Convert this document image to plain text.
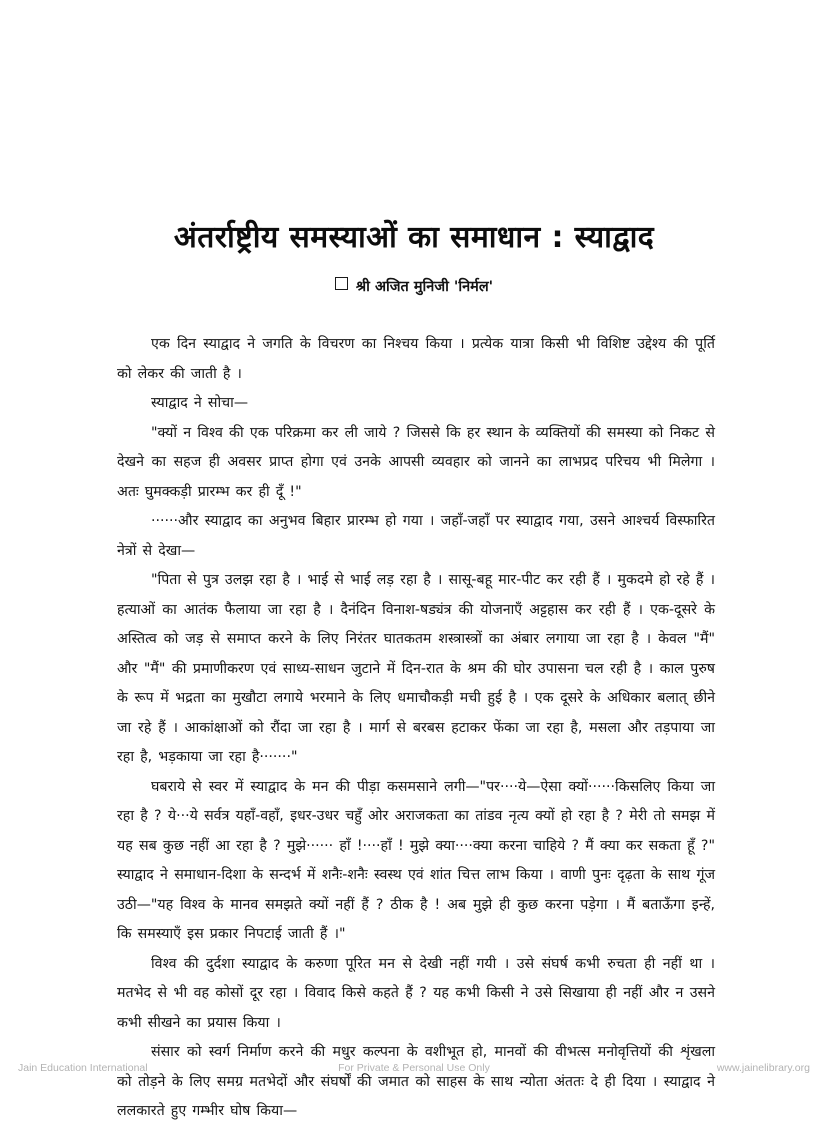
अंतर्राष्ट्रीय समस्याओं का समाधान : स्याद्वाद
श्री अजित मुनिजी 'निर्मल'

एक दिन स्याद्वाद ने जगति के विचरण का निश्चय किया । प्रत्येक यात्रा किसी भी विशिष्ट उद्देश्य की पूर्ति को लेकर की जाती है ।

स्याद्वाद ने सोचा—

"क्यों न विश्व की एक परिक्रमा कर ली जाये ? जिससे कि हर स्थान के व्यक्तियों की समस्या को निकट से देखने का सहज ही अवसर प्राप्त होगा एवं उनके आपसी व्यवहार को जानने का लाभप्रद परिचय भी मिलेगा । अतः घुमक्कड़ी प्रारम्भ कर ही दूँ !"

······और स्याद्वाद का अनुभव बिहार प्रारम्भ हो गया । जहाँ-जहाँ पर स्याद्वाद गया, उसने आश्चर्य विस्फारित नेत्रों से देखा—

"पिता से पुत्र उलझ रहा है । भाई से भाई लड़ रहा है । सासू-बहू मार-पीट कर रही हैं । मुकदमे हो रहे हैं । हत्याओं का आतंक फैलाया जा रहा है । दैनंदिन विनाश-षड्यंत्र की योजनाएँ अट्टहास कर रही हैं । एक-दूसरे के अस्तित्व को जड़ से समाप्त करने के लिए निरंतर घातकतम शस्त्रास्त्रों का अंबार लगाया जा रहा है । केवल "मैं" और "मैं" की प्रमाणीकरण एवं साध्य-साधन जुटाने में दिन-रात के श्रम की घोर उपासना चल रही है । काल पुरुष के रूप में भद्रता का मुखौटा लगाये भरमाने के लिए धमाचौकड़ी मची हुई है । एक दूसरे के अधिकार बलात् छीने जा रहे हैं । आकांक्षाओं को रौंदा जा रहा है । मार्ग से बरबस हटाकर फेंका जा रहा है, मसला और तड़पाया जा रहा है, भड़काया जा रहा है·······"

घबराये से स्वर में स्याद्वाद के मन की पीड़ा कसमसाने लगी—"पर····ये—ऐसा क्यों······किसलिए किया जा रहा है ? ये···ये सर्वत्र यहाँ-वहाँ, इधर-उधर चहुँ ओर अराजकता का तांडव नृत्य क्यों हो रहा है ? मेरी तो समझ में यह सब कुछ नहीं आ रहा है ? मुझे······ हाँ !····हाँ ! मुझे क्या····क्या करना चाहिये ? मैं क्या कर सकता हूँ ?" स्याद्वाद ने समाधान-दिशा के सन्दर्भ में शनैः-शनैः स्वस्थ एवं शांत चित्त लाभ किया । वाणी पुनः दृढ़ता के साथ गूंज उठी—"यह विश्व के मानव समझते क्यों नहीं हैं ? ठीक है ! अब मुझे ही कुछ करना पड़ेगा । मैं बताऊँगा इन्हें, कि समस्याएँ इस प्रकार निपटाई जाती हैं ।"

विश्व की दुर्दशा स्याद्वाद के करुणा पूरित मन से देखी नहीं गयी । उसे संघर्ष कभी रुचता ही नहीं था । मतभेद से भी वह कोसों दूर रहा । विवाद किसे कहते हैं ? यह कभी किसी ने उसे सिखाया ही नहीं और न उसने कभी सीखने का प्रयास किया ।

संसार को स्वर्ग निर्माण करने की मधुर कल्पना के वशीभूत हो, मानवों की वीभत्स मनोवृत्तियों की शृंखला को तोड़ने के लिए समग्र मतभेदों और संघर्षों की जमात को साहस के साथ न्योता अंततः दे ही दिया । स्याद्वाद ने ललकारते हुए गम्भीर घोष किया—

Jain Education International	For Private & Personal Use Only	www.jainelibrary.org
